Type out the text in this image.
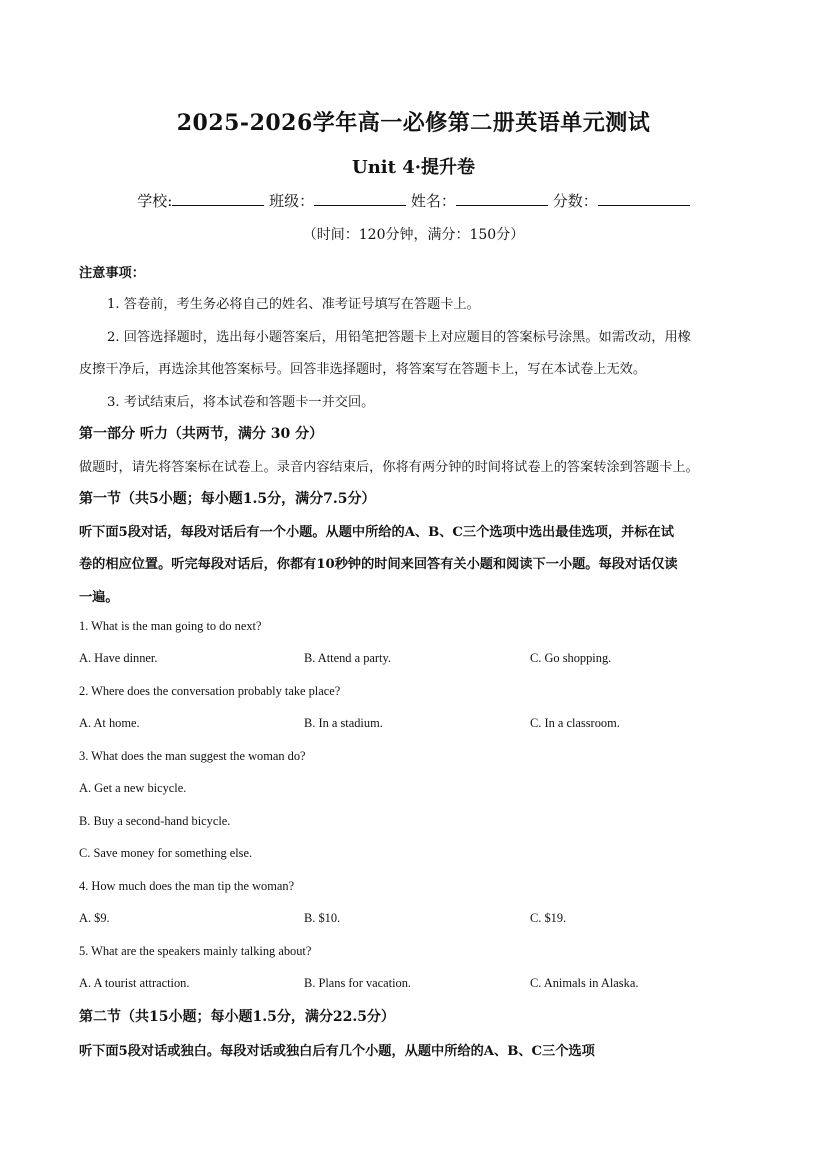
2025-2026学年高一必修第二册英语单元测试
Unit 4·提升卷
学校:	班级：	姓名：	分数：
（时间：120分钟，满分：150分）
注意事项：
1. 答卷前，考生务必将自己的姓名、准考证号填写在答题卡上。
2. 回答选择题时，选出每小题答案后，用铅笔把答题卡上对应题目的答案标号涂黑。如需改动，用橡
皮擦干净后，再选涂其他答案标号。回答非选择题时，将答案写在答题卡上，写在本试卷上无效。
3. 考试结束后，将本试卷和答题卡一并交回。
第一部分 听力（共两节，满分 30 分）
做题时，请先将答案标在试卷上。录音内容结束后，你将有两分钟的时间将试卷上的答案转涂到答题卡上。
第一节（共5小题；每小题1.5分，满分7.5分）
听下面5段对话，每段对话后有一个小题。从题中所给的A、B、C三个选项中选出最佳选项，并标在试
卷的相应位置。听完每段对话后，你都有10秒钟的时间来回答有关小题和阅读下一小题。每段对话仅读
一遍。
1. What is the man going to do next?
A. Have dinner.	B. Attend a party.	C. Go shopping.
2. Where does the conversation probably take place?
A. At home.	B. In a stadium.	C. In a classroom.
3. What does the man suggest the woman do?
A. Get a new bicycle.
B. Buy a second-hand bicycle.
C. Save money for something else.
4. How much does the man tip the woman?
A. $9.	B. $10.	C. $19.
5. What are the speakers mainly talking about?
A. A tourist attraction.	B. Plans for vacation.	C. Animals in Alaska.
第二节（共15小题；每小题1.5分，满分22.5分）
听下面5段对话或独白。每段对话或独白后有几个小题，从题中所给的A、B、C三个选项
